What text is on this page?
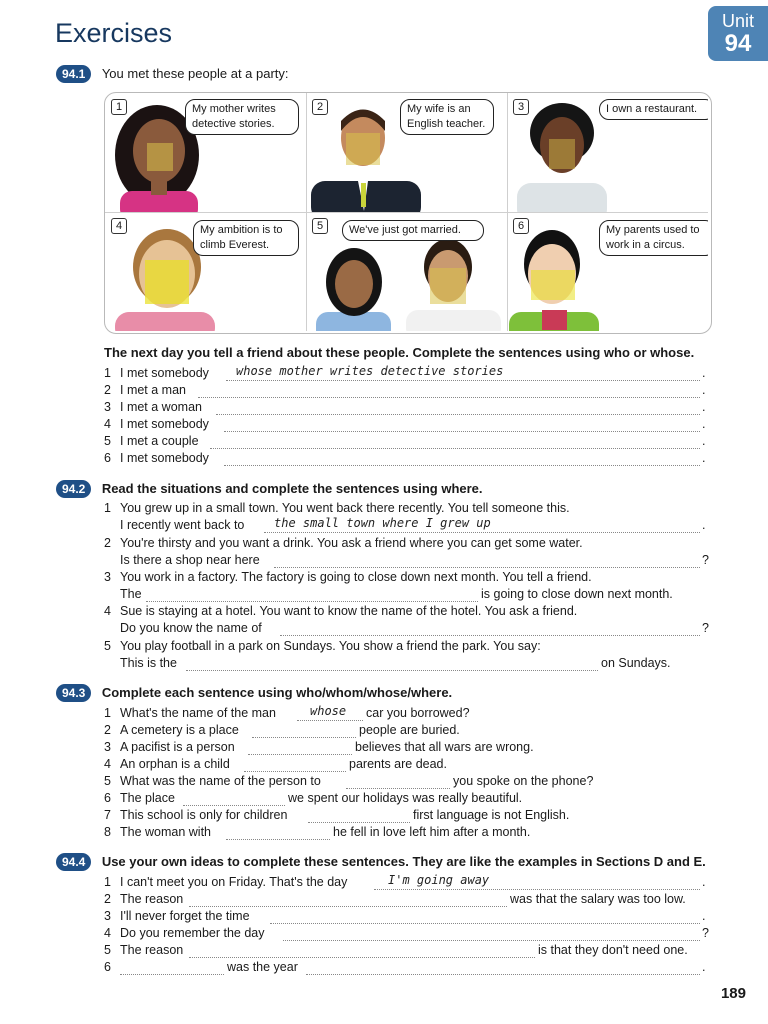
Exercises	Unit
94
94.1 You met these people at a party:
1	My mother writes detective stories.
2	My wife is an English teacher.
3	I own a restaurant.
4	My ambition is to climb Everest.
5	We've just got married.	6	My parents used to work in a circus.
The next day you tell a friend about these people. Complete the sentences using who or whose.
1 I met somebody whose mother writes detective stories	.
2 I met a man	.
3 I met a woman	.
4 I met somebody	.
5 I met a couple	.
6 I met somebody	.
94.2 Read the situations and complete the sentences using where.
1 You grew up in a small town. You went back there recently. You tell someone this.
I recently went back to the small town where I grew up	.
2 You're thirsty and you want a drink. You ask a friend where you can get some water.
Is there a shop near here	?
3 You work in a factory. The factory is going to close down next month. You tell a friend.
The	is going to close down next month.
4 Sue is staying at a hotel. You want to know the name of the hotel. You ask a friend.
Do you know the name of	?
5 You play football in a park on Sundays. You show a friend the park. You say:
This is the	on Sundays.
94.3 Complete each sentence using who/whom/whose/where.
1 What's the name of the man	whose car you borrowed?
2 A cemetery is a place	people are buried.
3 A pacifist is a person	believes that all wars are wrong.
4 An orphan is a child	parents are dead.
5 What was the name of the person to	you spoke on the phone?
6 The place	we spent our holidays was really beautiful.
7 This school is only for children	first language is not English.
8 The woman with	he fell in love left him after a month.
94.4 Use your own ideas to complete these sentences. They are like the examples in Sections D and E.
1 I can't meet you on Friday. That's the day	I'm going away	.
2 The reason	was that the salary was too low.
3 I'll never forget the time	.
4 Do you remember the day	?
5 The reason	is that they don't need one.
6	was the year	.
189
